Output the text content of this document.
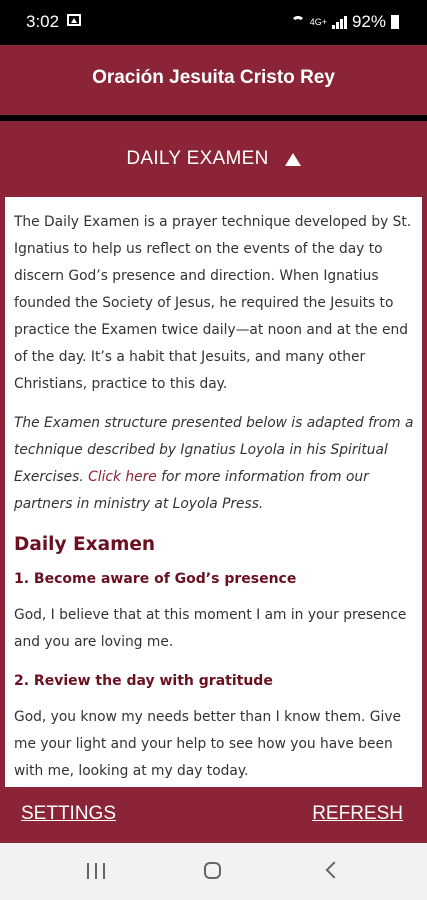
3:02	4G+ 92%
Oración Jesuita Cristo Rey
DAILY EXAMEN

The Daily Examen is a prayer technique developed by St. Ignatius to help us reflect on the events of the day to discern God’s presence and direction. When Ignatius founded the Society of Jesus, he required the Jesuits to practice the Examen twice daily—at noon and at the end of the day. It’s a habit that Jesuits, and many other Christians, practice to this day.

The Examen structure presented below is adapted from a technique described by Ignatius Loyola in his Spiritual Exercises. Click here for more information from our partners in ministry at Loyola Press.

Daily Examen
1. Become aware of God’s presence

God, I believe that at this moment I am in your presence and you are loving me.

2. Review the day with gratitude

God, you know my needs better than I know them. Give me your light and your help to see how you have been with me, looking at my day today.

SETTINGS	REFRESH
